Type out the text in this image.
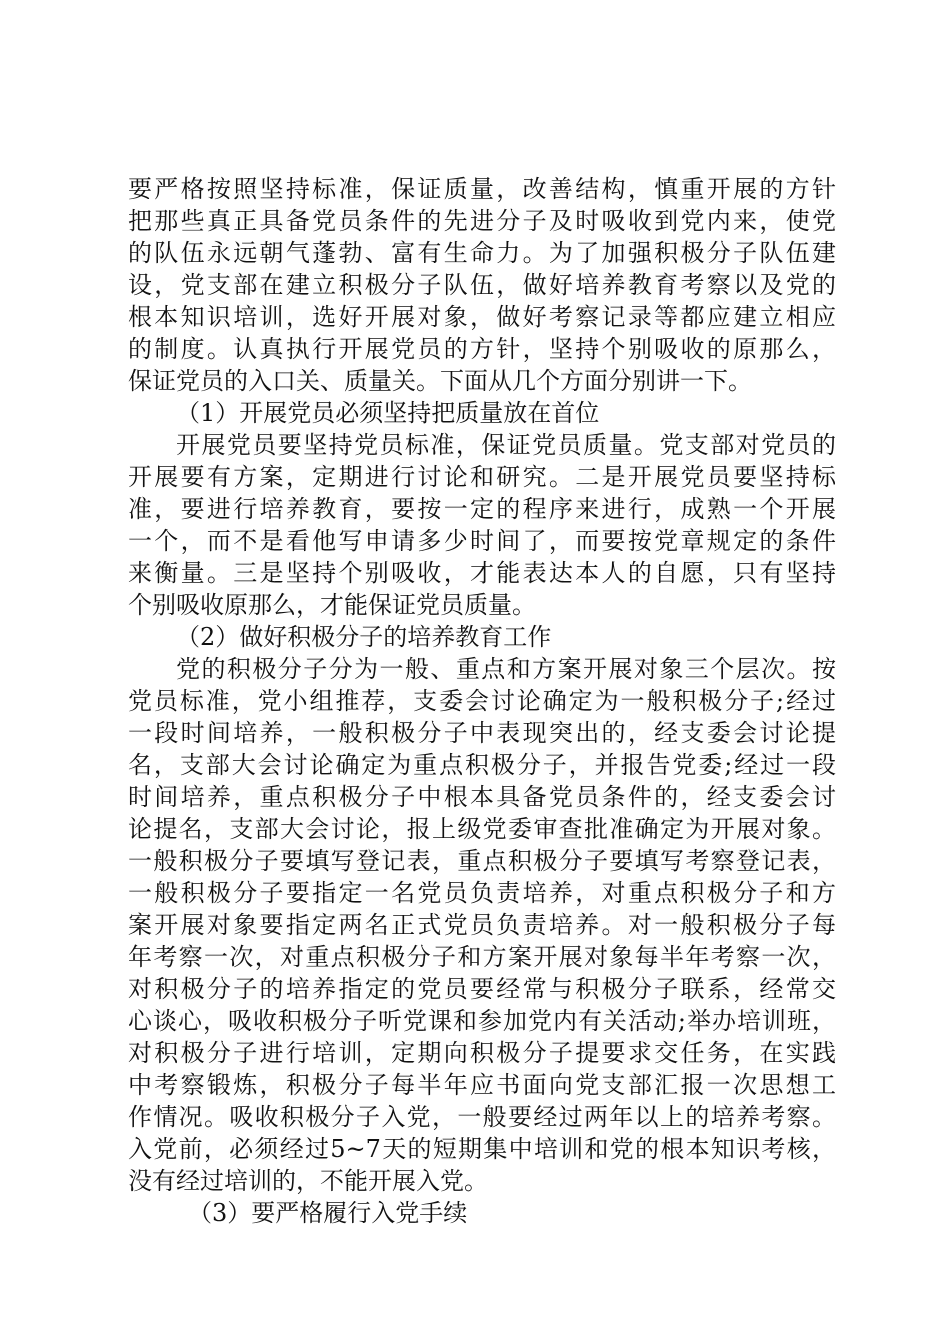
要严格按照坚持标准，保证质量，改善结构，慎重开展的方针
把那些真正具备党员条件的先进分子及时吸收到党内来，使党
的队伍永远朝气蓬勃、富有生命力。为了加强积极分子队伍建
设，党支部在建立积极分子队伍，做好培养教育考察以及党的
根本知识培训，选好开展对象，做好考察记录等都应建立相应
的制度。认真执行开展党员的方针，坚持个别吸收的原那么，
保证党员的入口关、质量关。下面从几个方面分别讲一下。
（1）开展党员必须坚持把质量放在首位
开展党员要坚持党员标准，保证党员质量。党支部对党员的
开展要有方案，定期进行讨论和研究。二是开展党员要坚持标
准，要进行培养教育，要按一定的程序来进行，成熟一个开展
一个，而不是看他写申请多少时间了，而要按党章规定的条件
来衡量。三是坚持个别吸收，才能表达本人的自愿，只有坚持
个别吸收原那么，才能保证党员质量。
（2）做好积极分子的培养教育工作
党的积极分子分为一般、重点和方案开展对象三个层次。按
党员标准，党小组推荐，支委会讨论确定为一般积极分子;经过
一段时间培养，一般积极分子中表现突出的，经支委会讨论提
名，支部大会讨论确定为重点积极分子，并报告党委;经过一段
时间培养，重点积极分子中根本具备党员条件的，经支委会讨
论提名，支部大会讨论，报上级党委审查批准确定为开展对象。
一般积极分子要填写登记表，重点积极分子要填写考察登记表，
一般积极分子要指定一名党员负责培养，对重点积极分子和方
案开展对象要指定两名正式党员负责培养。对一般积极分子每
年考察一次，对重点积极分子和方案开展对象每半年考察一次，
对积极分子的培养指定的党员要经常与积极分子联系，经常交
心谈心，吸收积极分子听党课和参加党内有关活动;举办培训班，
对积极分子进行培训，定期向积极分子提要求交任务，在实践
中考察锻炼，积极分子每半年应书面向党支部汇报一次思想工
作情况。吸收积极分子入党，一般要经过两年以上的培养考察。
入党前，必须经过5~7天的短期集中培训和党的根本知识考核，
没有经过培训的，不能开展入党。
（3）要严格履行入党手续
